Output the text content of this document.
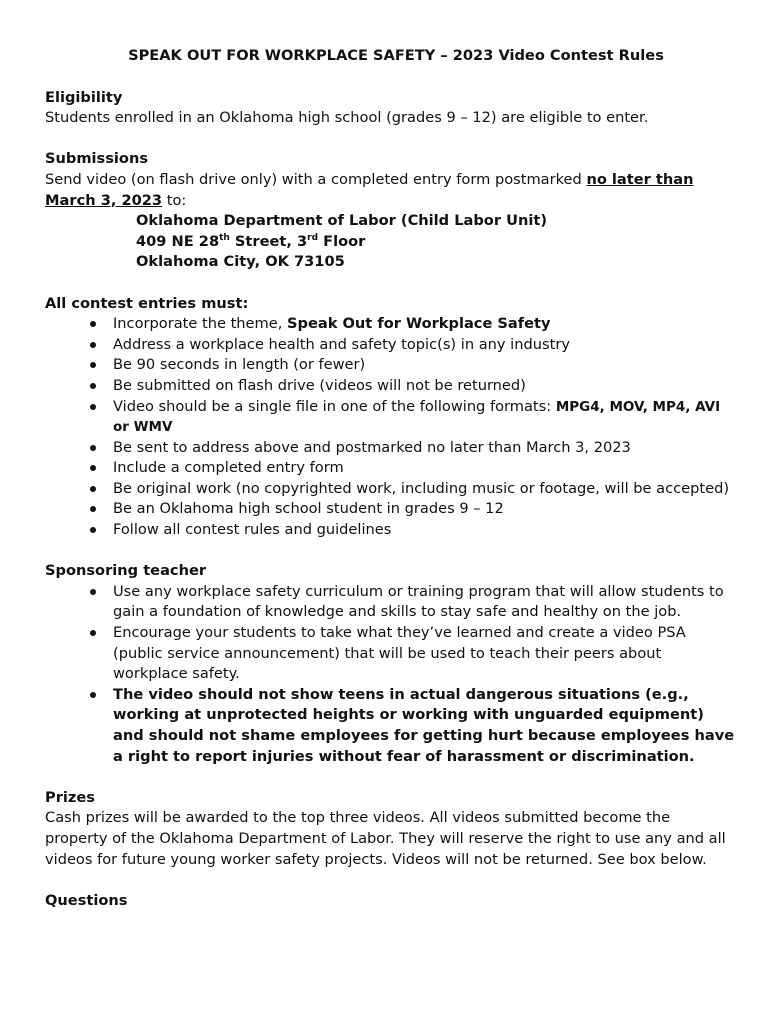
SPEAK OUT FOR WORKPLACE SAFETY – 2023 Video Contest Rules
Eligibility

Students enrolled in an Oklahoma high school (grades 9 – 12) are eligible to enter.

Submissions

Send video (on flash drive only) with a completed entry form postmarked no later than March 3, 2023 to:

Oklahoma Department of Labor (Child Labor Unit)
409 NE 28th Street, 3rd Floor
Oklahoma City, OK 73105
All contest entries must:
Incorporate the theme, Speak Out for Workplace Safety
Address a workplace health and safety topic(s) in any industry
Be 90 seconds in length (or fewer)
Be submitted on flash drive (videos will not be returned)
Video should be a single file in one of the following formats: MPG4, MOV, MP4, AVI or WMV
Be sent to address above and postmarked no later than March 3, 2023
Include a completed entry form
Be original work (no copyrighted work, including music or footage, will be accepted)
Be an Oklahoma high school student in grades 9 – 12
Follow all contest rules and guidelines
Sponsoring teacher
Use any workplace safety curriculum or training program that will allow students to gain a foundation of knowledge and skills to stay safe and healthy on the job.
Encourage your students to take what they’ve learned and create a video PSA (public service announcement) that will be used to teach their peers about workplace safety.
The video should not show teens in actual dangerous situations (e.g., working at unprotected heights or working with unguarded equipment) and should not shame employees for getting hurt because employees have a right to report injuries without fear of harassment or discrimination.
Prizes

Cash prizes will be awarded to the top three videos. All videos submitted become the property of the Oklahoma Department of Labor. They will reserve the right to use any and all videos for future young worker safety projects. Videos will not be returned. See box below.

Questions
